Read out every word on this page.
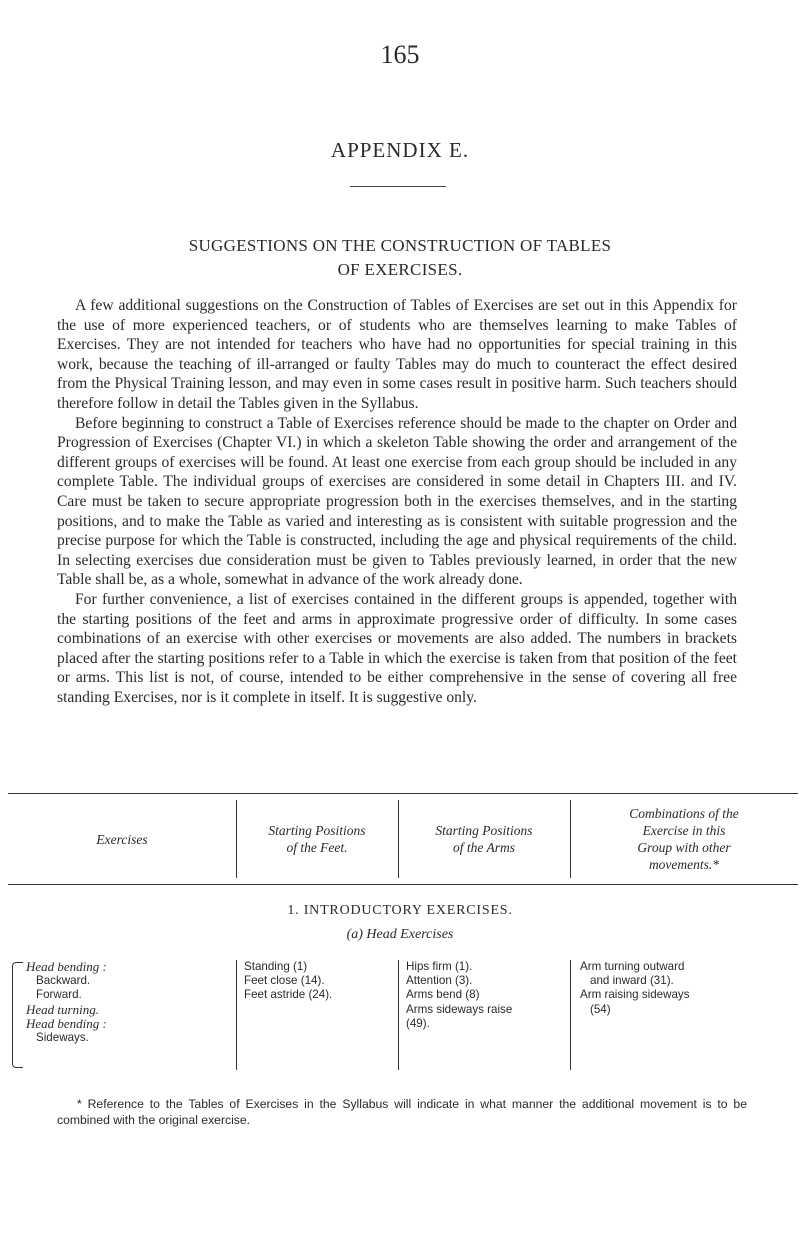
165
APPENDIX E.
SUGGESTIONS ON THE CONSTRUCTION OF TABLES
OF EXERCISES.

A few additional suggestions on the Construction of Tables of Exercises are set out in this Appendix for the use of more experienced teachers, or of students who are themselves learning to make Tables of Exercises. They are not intended for teachers who have had no opportunities for special training in this work, because the teaching of ill-arranged or faulty Tables may do much to counteract the effect desired from the Physical Training lesson, and may even in some cases result in positive harm. Such teachers should therefore follow in detail the Tables given in the Syllabus.

Before beginning to construct a Table of Exercises reference should be made to the chapter on Order and Progression of Exercises (Chapter VI.) in which a skeleton Table showing the order and arrangement of the different groups of exercises will be found. At least one exercise from each group should be included in any complete Table. The individual groups of exercises are considered in some detail in Chapters III. and IV. Care must be taken to secure appropriate progression both in the exercises themselves, and in the starting positions, and to make the Table as varied and interesting as is consistent with suitable progression and the precise purpose for which the Table is constructed, including the age and physical requirements of the child. In selecting exercises due consideration must be given to Tables previously learned, in order that the new Table shall be, as a whole, somewhat in advance of the work already done.

For further convenience, a list of exercises contained in the different groups is appended, together with the starting positions of the feet and arms in approximate progressive order of difficulty. In some cases combinations of an exercise with other exercises or movements are also added. The numbers in brackets placed after the starting positions refer to a Table in which the exercise is taken from that position of the feet or arms. This list is not, of course, intended to be either comprehensive in the sense of covering all free standing Exercises, nor is it complete in itself. It is suggestive only.

Exercises
Starting Positions
of the Feet.
Starting Positions
of the Arms
Combinations of the
Exercise in this
Group with other
movements.*
1. INTRODUCTORY EXERCISES.
(a) Head Exercises
Head bending :
Backward.
Forward.
Head turning.
Head bending :
Sideways.
Standing (1)
Feet close (14).
Feet astride (24).
Hips firm (1).
Attention (3).
Arms bend (8)
Arms sideways raise
(49).
Arm turning outward
and inward (31).
Arm raising sideways
(54)

* Reference to the Tables of Exercises in the Syllabus will indicate in what manner the additional movement is to be combined with the original exercise.
